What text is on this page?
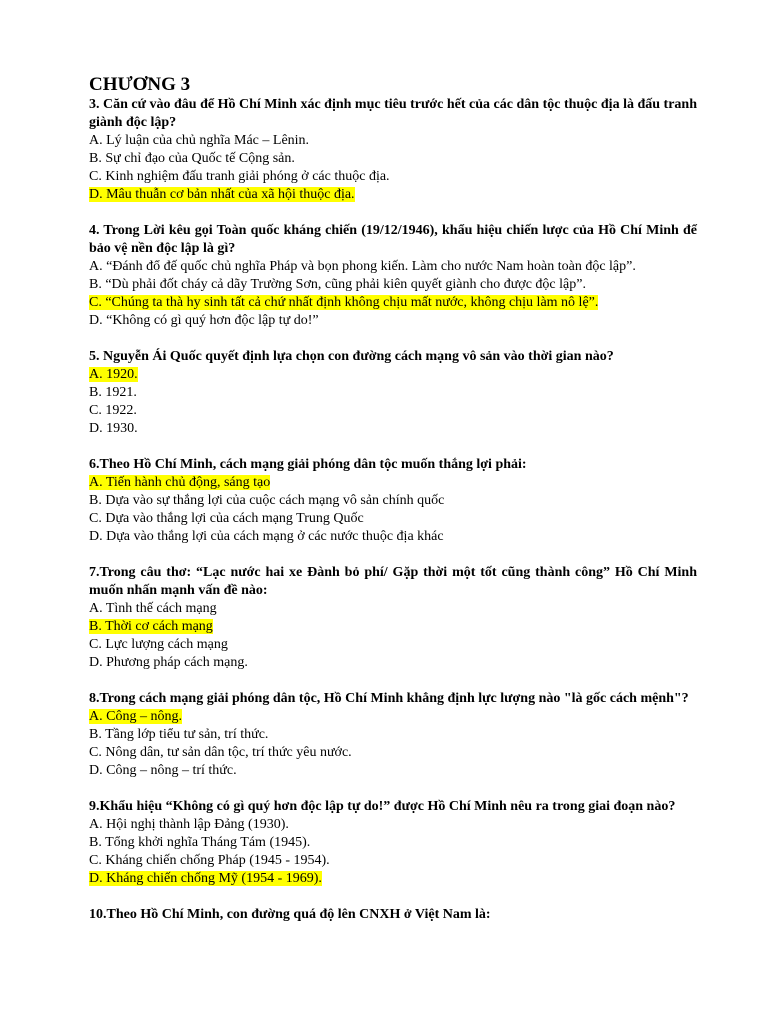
CHƯƠNG 3
3. Căn cứ vào đâu để Hồ Chí Minh xác định mục tiêu trước hết của các dân tộc thuộc địa là đấu tranh giành độc lập?
A. Lý luận của chủ nghĩa Mác – Lênin.
B. Sự chỉ đạo của Quốc tế Cộng sản.
C. Kinh nghiệm đấu tranh giải phóng ở các thuộc địa.
D. Mâu thuẫn cơ bản nhất của xã hội thuộc địa.
4. Trong Lời kêu gọi Toàn quốc kháng chiến (19/12/1946), khẩu hiệu chiến lược của Hồ Chí Minh để bảo vệ nền độc lập là gì?
A. “Đánh đổ đế quốc chủ nghĩa Pháp và bọn phong kiến. Làm cho nước Nam hoàn toàn độc lập”.
B. “Dù phải đốt cháy cả dãy Trường Sơn, cũng phải kiên quyết giành cho được độc lập”.
C. “Chúng ta thà hy sinh tất cả chứ nhất định không chịu mất nước, không chịu làm nô lệ”.
D. “Không có gì quý hơn độc lập tự do!”
5. Nguyễn Ái Quốc quyết định lựa chọn con đường cách mạng vô sản vào thời gian nào?
A. 1920.
B. 1921.
C. 1922.
D. 1930.
6.Theo Hồ Chí Minh, cách mạng giải phóng dân tộc muốn thắng lợi phải:
A. Tiến hành chủ động, sáng tạo
B. Dựa vào sự thắng lợi của cuộc cách mạng vô sản chính quốc
C. Dựa vào thắng lợi của cách mạng Trung Quốc
D. Dựa vào thắng lợi của cách mạng ở các nước thuộc địa khác
7.Trong câu thơ: “Lạc nước hai xe Đành bỏ phí/ Gặp thời một tốt cũng thành công” Hồ Chí Minh muốn nhấn mạnh vấn đề nào:
A. Tình thế cách mạng
B. Thời cơ cách mạng
C. Lực lượng cách mạng
D. Phương pháp cách mạng.
8.Trong cách mạng giải phóng dân tộc, Hồ Chí Minh khẳng định lực lượng nào "là gốc cách mệnh"?
A. Công – nông.
B. Tầng lớp tiểu tư sản, trí thức.
C. Nông dân, tư sản dân tộc, trí thức yêu nước.
D. Công – nông – trí thức.
9.Khẩu hiệu “Không có gì quý hơn độc lập tự do!” được Hồ Chí Minh nêu ra trong giai đoạn nào?
A. Hội nghị thành lập Đảng (1930).
B. Tổng khởi nghĩa Tháng Tám (1945).
C. Kháng chiến chống Pháp (1945 - 1954).
D. Kháng chiến chống Mỹ (1954 - 1969).
10.Theo Hồ Chí Minh, con đường quá độ lên CNXH ở Việt Nam là:
